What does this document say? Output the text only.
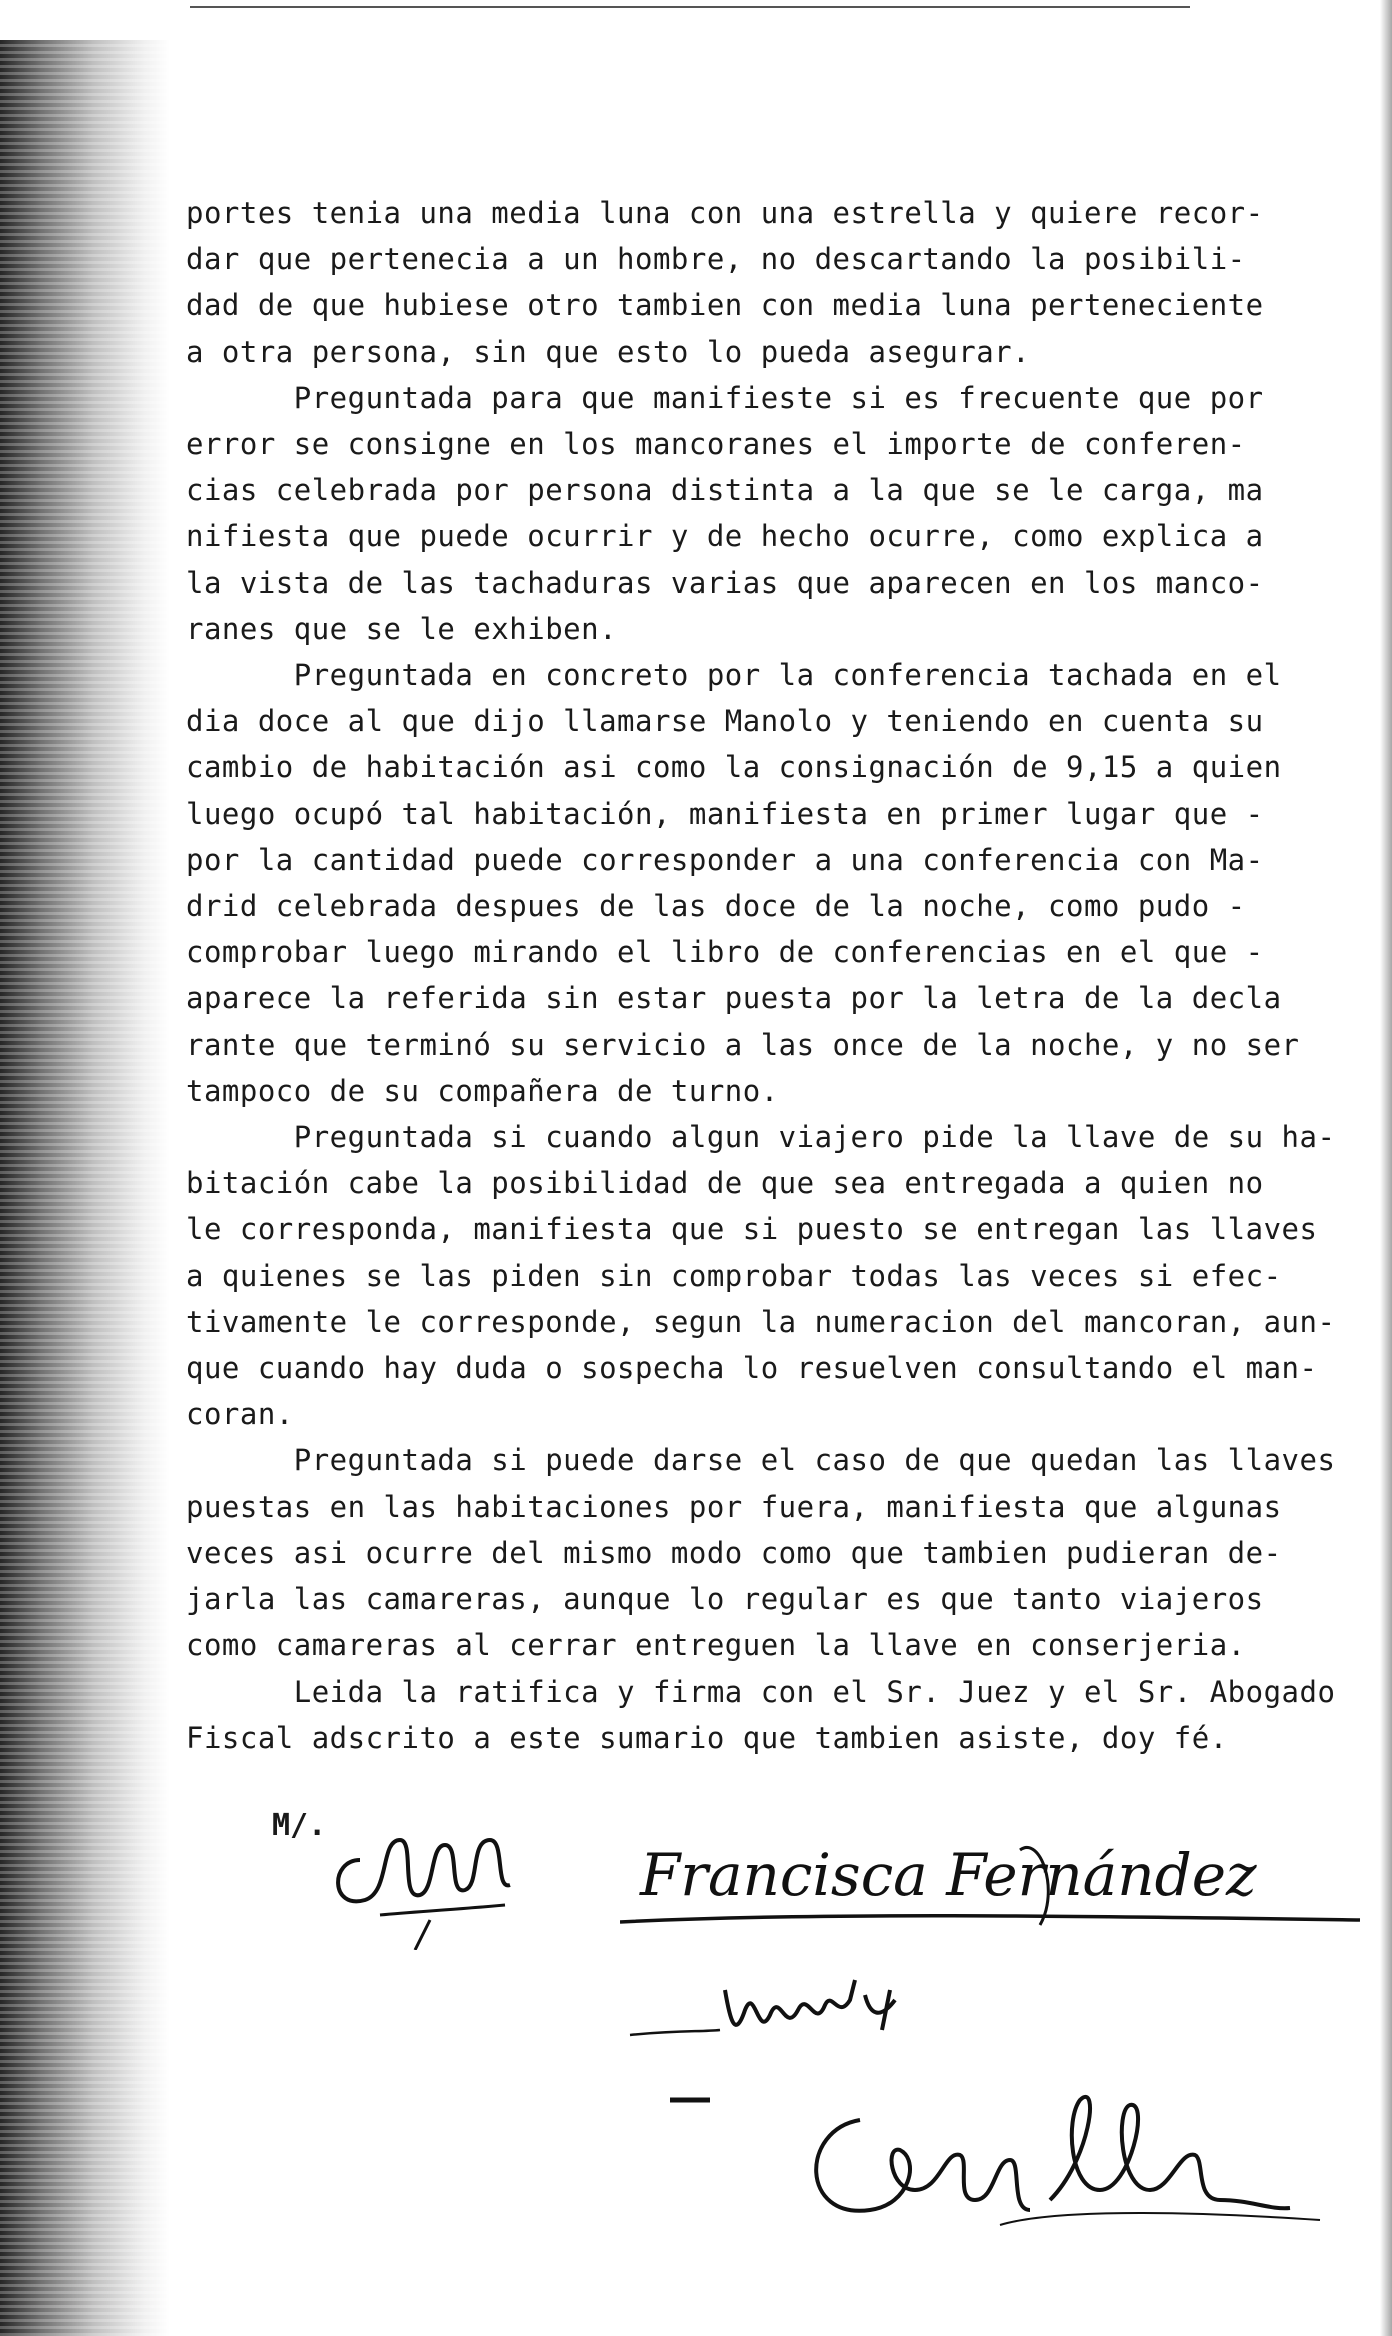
portes tenia una media luna con una estrella y quiere recor-

dar que pertenecia a un hombre, no descartando la posibili-

dad de que hubiese otro tambien con media luna perteneciente

a otra persona, sin que esto lo pueda asegurar.

Preguntada para que manifieste si es frecuente que por

error se consigne en los mancoranes el importe de conferen-

cias celebrada por persona distinta a la que se le carga, ma

nifiesta que puede ocurrir y de hecho ocurre, como explica a

la vista de las tachaduras varias que aparecen en los manco-

ranes que se le exhiben.

Preguntada en concreto por la conferencia tachada en el

dia doce al que dijo llamarse Manolo y teniendo en cuenta su

cambio de habitación asi como la consignación de 9,15 a quien

luego ocupó tal habitación, manifiesta en primer lugar que -

por la cantidad puede corresponder a una conferencia con Ma-

drid celebrada despues de las doce de la noche, como pudo -

comprobar luego mirando el libro de conferencias en el que -

aparece la referida sin estar puesta por la letra de la decla

rante que terminó su servicio a las once de la noche, y no ser

tampoco de su compañera de turno.

Preguntada si cuando algun viajero pide la llave de su ha-

bitación cabe la posibilidad de que sea entregada a quien no

le corresponda, manifiesta que si puesto se entregan las llaves

a quienes se las piden sin comprobar todas las veces si efec-

tivamente le corresponde, segun la numeracion del mancoran, aun-

que cuando hay duda o sospecha lo resuelven consultando el man-

coran.

Preguntada si puede darse el caso de que quedan las llaves

puestas en las habitaciones por fuera, manifiesta que algunas

veces asi ocurre del mismo modo como que tambien pudieran de-

jarla las camareras, aunque lo regular es que tanto viajeros

como camareras al cerrar entreguen la llave en conserjeria.

Leida la ratifica y firma con el Sr. Juez y el Sr. Abogado

Fiscal adscrito a este sumario que tambien asiste, doy fé.

M/.
Francisca Fernández
